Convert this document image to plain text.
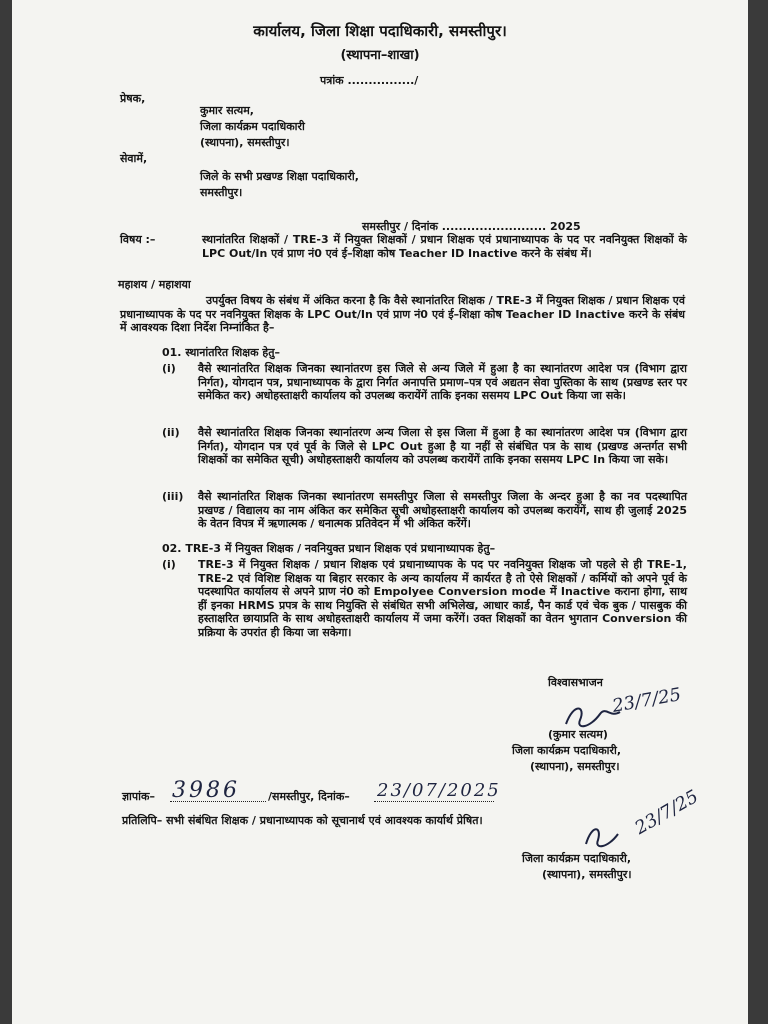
कार्यालय, जिला शिक्षा पदाधिकारी, समस्तीपुर।
(स्थापना–शाखा)
पत्रांक ................/
प्रेषक,
कुमार सत्यम,
जिला कार्यक्रम पदाधिकारी
(स्थापना), समस्तीपुर।
सेवामें,
जिले के सभी प्रखण्ड शिक्षा पदाधिकारी,
समस्तीपुर।
समस्तीपुर / दिनांक ......................... 2025
विषय :–	स्थानांतरित शिक्षकों / TRE-3 में नियुक्त शिक्षकों / प्रधान शिक्षक एवं प्रधानाध्यापक के पद पर नवनियुक्त शिक्षकों के LPC Out/In एवं प्राण नं0 एवं ई–शिक्षा कोष Teacher ID Inactive करने के संबंध में।
महाशय / महाशया
उपर्युक्त विषय के संबंध में अंकित करना है कि वैसे स्थानांतरित शिक्षक / TRE-3 में नियुक्त शिक्षक / प्रधान शिक्षक एवं प्रधानाध्यापक के पद पर नवनियुक्त शिक्षक के LPC Out/In एवं प्राण नं0 एवं ई–शिक्षा कोष Teacher ID Inactive करने के संबंध में आवश्यक दिशा निर्देश निम्नांकित है–
01. स्थानांतरित शिक्षक हेतु–
(i) वैसे स्थानांतरित शिक्षक जिनका स्थानांतरण इस जिले से अन्य जिले में हुआ है का स्थानांतरण आदेश पत्र (विभाग द्वारा निर्गत), योगदान पत्र, प्रधानाध्यापक के द्वारा निर्गत अनापत्ति प्रमाण–पत्र एवं अद्यतन सेवा पुस्तिका के साथ (प्रखण्ड स्तर पर समेकित कर) अधोहस्ताक्षरी कार्यालय को उपलब्ध करायेंगें ताकि इनका ससमय LPC Out किया जा सके।
(ii) वैसे स्थानांतरित शिक्षक जिनका स्थानांतरण अन्य जिला से इस जिला में हुआ है का स्थानांतरण आदेश पत्र (विभाग द्वारा निर्गत), योगदान पत्र एवं पूर्व के जिले से LPC Out हुआ है या नहीं से संबंधित पत्र के साथ (प्रखण्ड अन्तर्गत सभी शिक्षकों का समेकित सूची) अधोहस्ताक्षरी कार्यालय को उपलब्ध करायेंगें ताकि इनका ससमय LPC In किया जा सके।
(iii) वैसे स्थानांतरित शिक्षक जिनका स्थानांतरण समस्तीपुर जिला से समस्तीपुर जिला के अन्दर हुआ है का नव पदस्थापित प्रखण्ड / विद्यालय का नाम अंकित कर समेकित सूची अधोहस्ताक्षरी कार्यालय को उपलब्ध करायेंगें, साथ ही जुलाई 2025 के वेतन विपत्र में ऋणात्मक / धनात्मक प्रतिवेदन में भी अंकित करेंगें।
02. TRE-3 में नियुक्त शिक्षक / नवनियुक्त प्रधान शिक्षक एवं प्रधानाध्यापक हेतु–
(i) TRE-3 में नियुक्त शिक्षक / प्रधान शिक्षक एवं प्रधानाध्यापक के पद पर नवनियुक्त शिक्षक जो पहले से ही TRE-1, TRE-2 एवं विशिष्ट शिक्षक या बिहार सरकार के अन्य कार्यालय में कार्यरत है तो ऐसे शिक्षकों / कर्मियों को अपने पूर्व के पदस्थापित कार्यालय से अपने प्राण नं0 को Empolyee Conversion mode में Inactive कराना होगा, साथ हीं इनका HRMS प्रपत्र के साथ नियुक्ति से संबंधित सभी अभिलेख, आधार कार्ड, पैन कार्ड एवं चेक बुक / पासबुक की हस्ताक्षरित छायाप्रति के साथ अधोहस्ताक्षरी कार्यालय में जमा करेंगें। उक्त शिक्षकों का वेतन भुगतान Conversion की प्रक्रिया के उपरांत ही किया जा सकेगा।
विश्वासभाजन
23/7/25
(कुमार सत्यम)
जिला कार्यक्रम पदाधिकारी,
(स्थापना), समस्तीपुर।
ज्ञापांक– 3986	/समस्तीपुर, दिनांक– 23/07/2025
प्रतिलिपि– सभी संबंधित शिक्षक / प्रधानाध्यापक को सूचानार्थ एवं आवश्यक कार्यार्थ प्रेषित।	23/7/25
जिला कार्यक्रम पदाधिकारी,
(स्थापना), समस्तीपुर।
